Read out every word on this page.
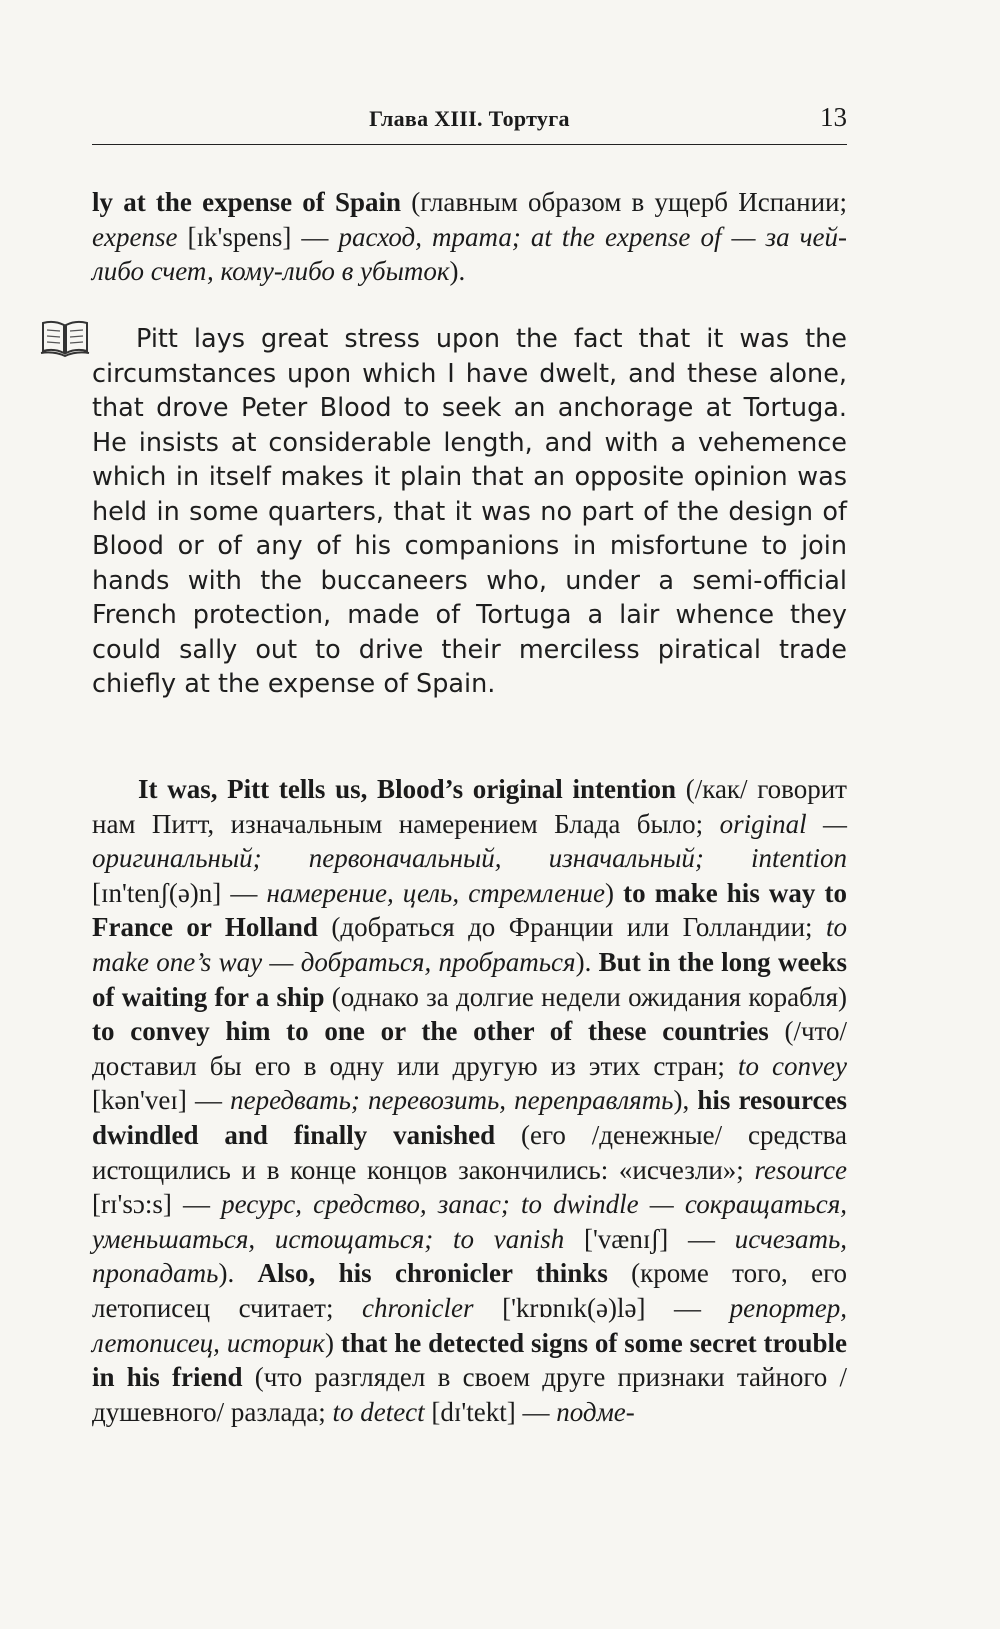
Глава XIII. Тортуга	13
ly at the expense of Spain (главным образом в ущерб Испании; expense [ɪk'spens] — расход, трата; at the expense of — за чей-либо счет, кому-либо в убыток).
Pitt lays great stress upon the fact that it was the circumstances upon which I have dwelt, and these alone, that drove Peter Blood to seek an anchorage at Tortuga. He insists at considerable length, and with a vehemence which in itself makes it plain that an opposite opinion was held in some quarters, that it was no part of the design of Blood or of any of his companions in misfortune to join hands with the buccaneers who, under a semi-official French protection, made of Tortuga a lair whence they could sally out to drive their merciless piratical trade chiefly at the expense of Spain.
It was, Pitt tells us, Blood’s original intention (/как/ говорит нам Питт, изначальным намерением Блада было; original — оригинальный; первоначальный, изначальный; intention [ɪn'tenʃ(ə)n] — намерение, цель, стремление) to make his way to France or Holland (добраться до Франции или Голландии; to make one’s way — добраться, пробраться). But in the long weeks of waiting for a ship (однако за долгие недели ожидания корабля) to convey him to one or the other of these countries (/что/ доставил бы его в одну или другую из этих стран; to convey [kən'veɪ] — передвать; перевозить, переправлять), his resources dwindled and finally vanished (его /денежные/ средства истощились и в конце концов закончились: «исчезли»; resource [rɪ'sɔ:s] — ресурс, средство, запас; to dwindle — сокращаться, уменьшаться, истощаться; to vanish ['vænɪʃ] — исчезать, пропадать). Also, his chronicler thinks (кроме того, его летописец считает; chronicler ['krɒnɪk(ə)lə] — репортер, летописец, историк) that he detected signs of some secret trouble in his friend (что разглядел в своем друге признаки тайного /душевного/ разлада; to detect [dɪ'tekt] — подме-
